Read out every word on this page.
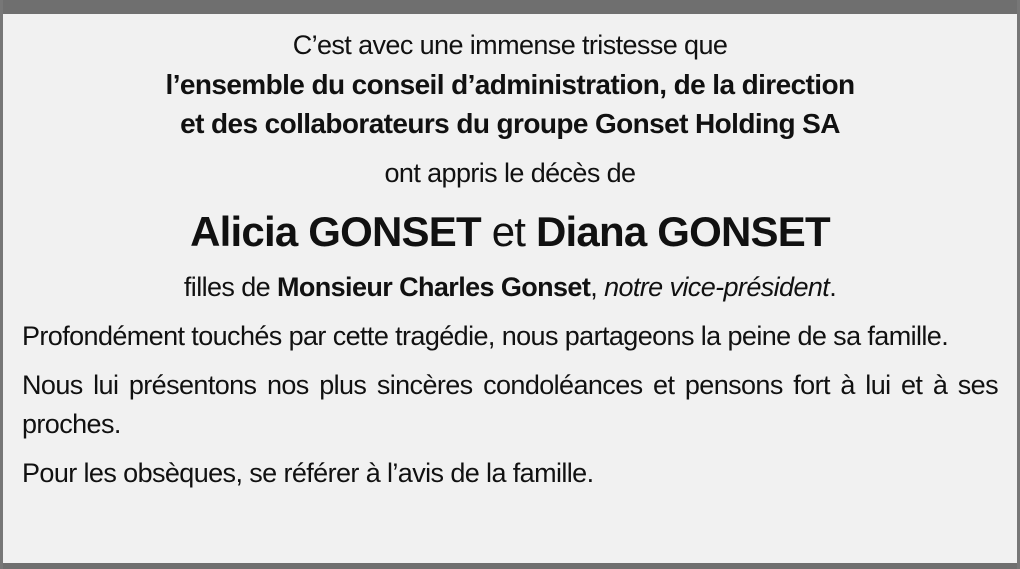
C’est avec une immense tristesse que

l’ensemble du conseil d’administration, de la direction
et des collaborateurs du groupe Gonset Holding SA

ont appris le décès de

Alicia GONSET et Diana GONSET

filles de Monsieur Charles Gonset, notre vice-président.

Profondément touchés par cette tragédie, nous partageons la peine de sa famille.

Nous lui présentons nos plus sincères condoléances et pensons fort à lui et à ses proches.

Pour les obsèques, se référer à l’avis de la famille.
